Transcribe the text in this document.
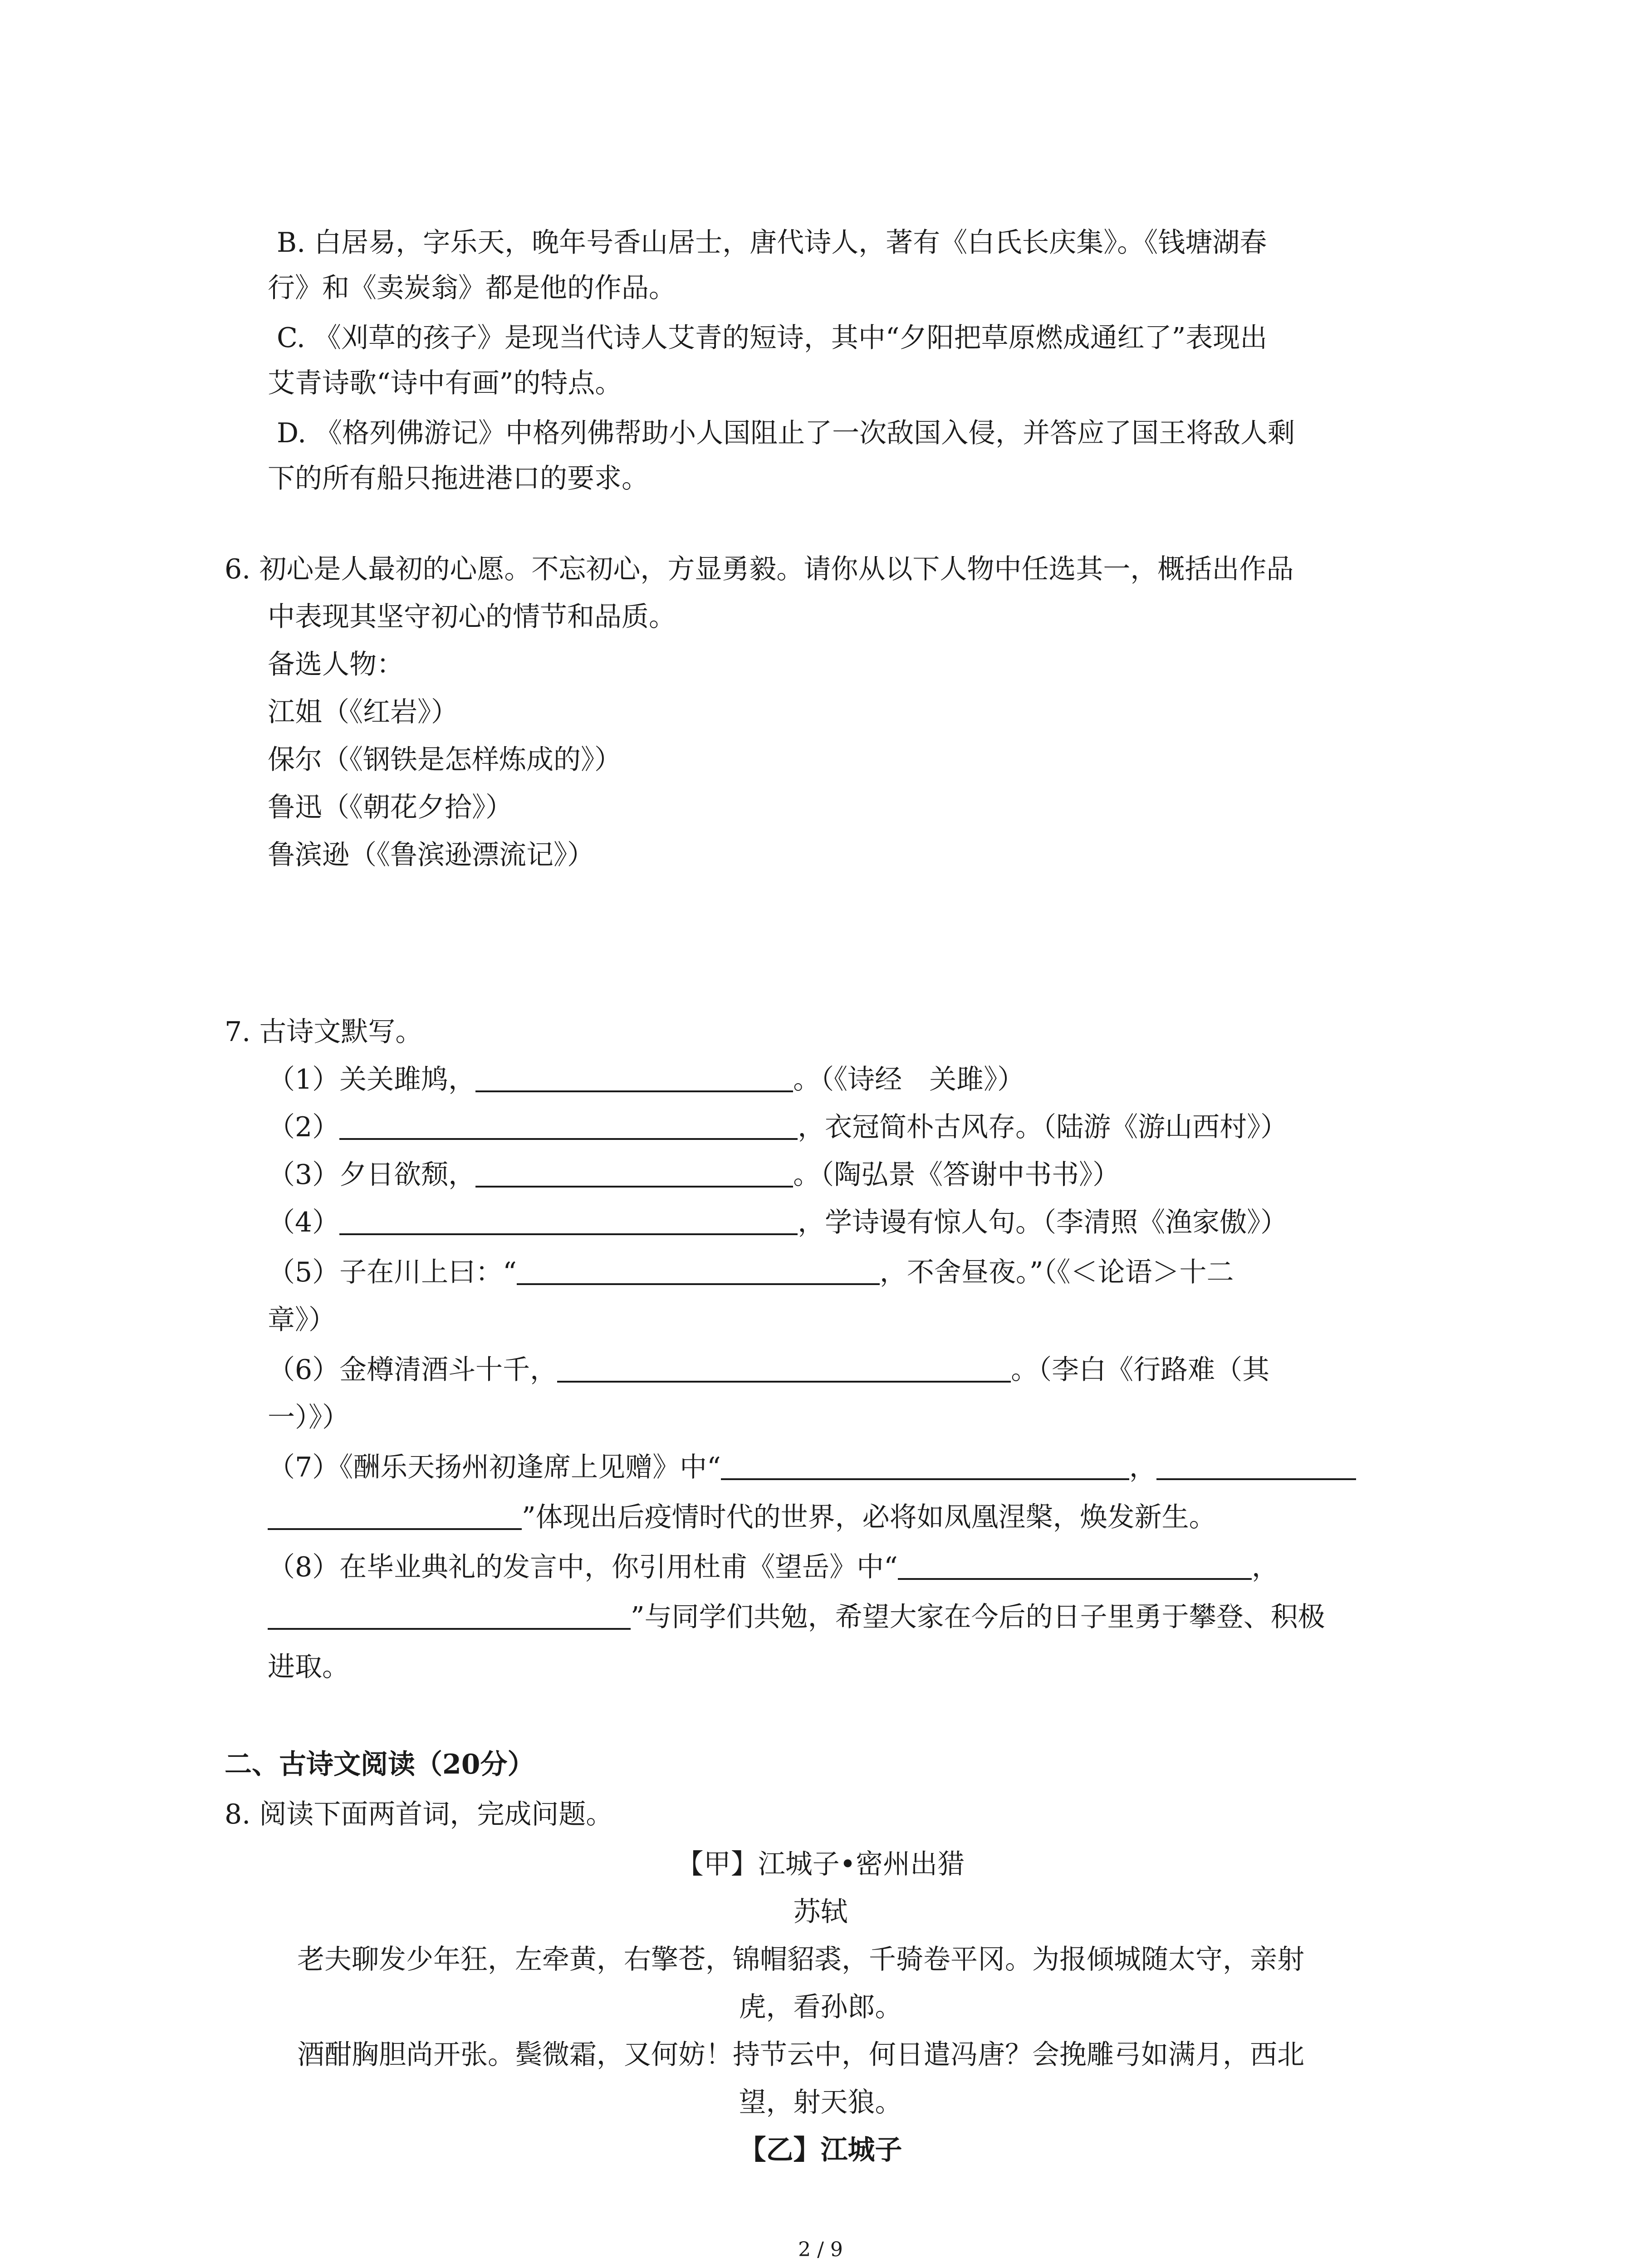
B. 白居易，字乐天，晚年号香山居士，唐代诗人，著有《白氏长庆集》。《钱塘湖春
行》和《卖炭翁》都是他的作品。
C. 《刈草的孩子》是现当代诗人艾青的短诗，其中“夕阳把草原燃成通红了”表现出
艾青诗歌“诗中有画”的特点。
D. 《格列佛游记》中格列佛帮助小人国阻止了一次敌国入侵，并答应了国王将敌人剩
下的所有船只拖进港口的要求。
6. 初心是人最初的心愿。不忘初心，方显勇毅。请你从以下人物中任选其一，概括出作品
中表现其坚守初心的情节和品质。
备选人物：
江姐（《红岩》）
保尔（《钢铁是怎样炼成的》）
鲁迅（《朝花夕拾》）
鲁滨逊（《鲁滨逊漂流记》）
7. 古诗文默写。
（1）关关雎鸠，	。（《诗经　关雎》）
（2）	，衣冠简朴古风存。（陆游《游山西村》）
（3）夕日欲颓，	。（陶弘景《答谢中书书》）
（4）	，学诗谩有惊人句。（李清照《渔家傲》）
（5）子在川上曰：“	，不舍昼夜。”（《＜论语＞十二
章》）
（6）金樽清酒斗十千，	。（李白《行路难（其
一）》）
（7）《酬乐天扬州初逢席上见赠》中“	，
”体现出后疫情时代的世界，必将如凤凰涅槃，焕发新生。
（8）在毕业典礼的发言中，你引用杜甫《望岳》中“	，
”与同学们共勉，希望大家在今后的日子里勇于攀登、积极
进取。
二、古诗文阅读（20分）
8. 阅读下面两首词，完成问题。
【甲】江城子•密州出猎
苏轼
老夫聊发少年狂，左牵黄，右擎苍，锦帽貂裘，千骑卷平冈。为报倾城随太守，亲射
虎，看孙郎。
酒酣胸胆尚开张。鬓微霜，又何妨！持节云中，何日遣冯唐？会挽雕弓如满月，西北
望，射天狼。
【乙】江城子
2 / 9
